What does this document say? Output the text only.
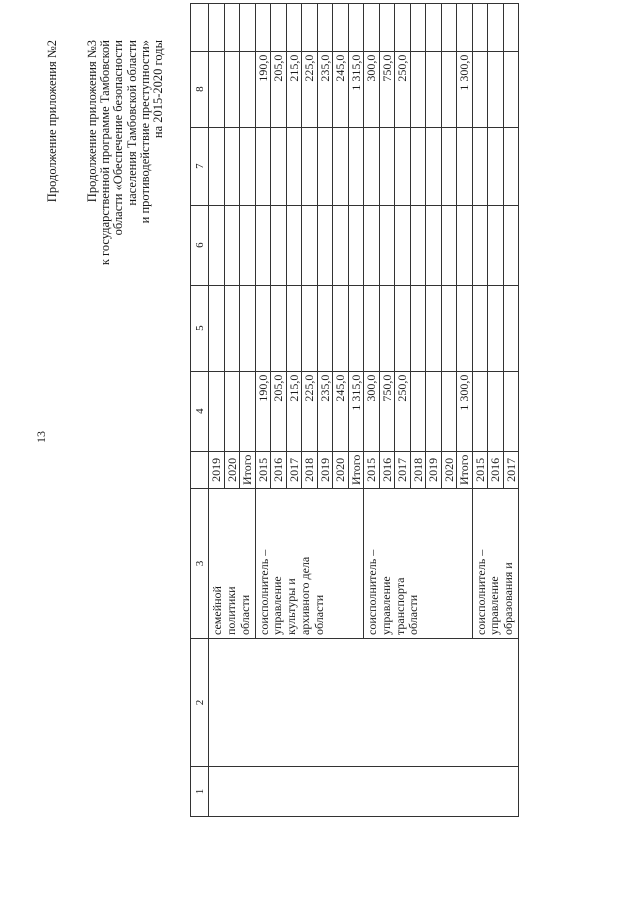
13
Продолжение приложения №2 Продолжение приложения №3 к государственной программе Тамбовской области «Обеспечение безопасности населения Тамбовской области и противодействие преступности» на 2015-2020 годы
1	2	3		4	5	6	7	8	
		семейной
политики
области	2019						
			2020						
			Итого						
		соисполнитель –
управление
культуры и
архивного дела
области	2015	190,0				190,0	
			2016	205,0				205,0	
			2017	215,0				215,0	
			2018	225,0				225,0	
			2019	235,0				235,0	
			2020	245,0				245,0	
			Итого	1 315,0				1 315,0	
		соисполнитель –
управление
транспорта
области	2015	300,0				300,0	
			2016	750,0				750,0	
			2017	250,0				250,0	
			2018						
			2019						
			2020						
			Итого	1 300,0				1 300,0	
		соисполнитель –
управление
образования и	2015						
			2016						
			2017						
